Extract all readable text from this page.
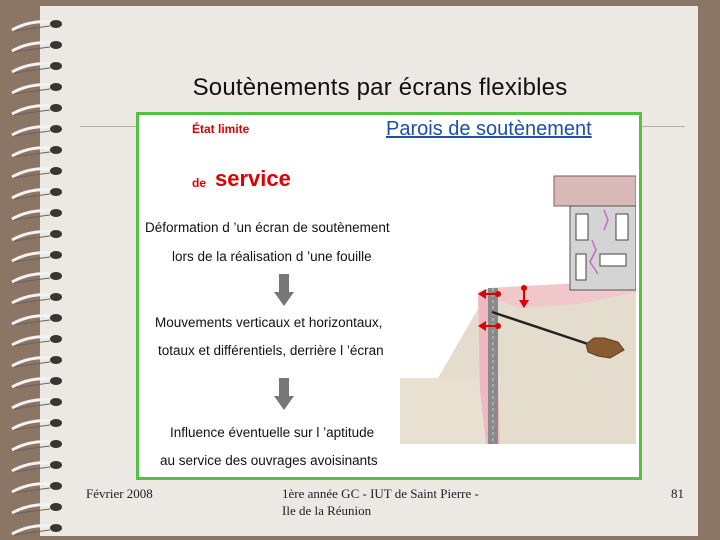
Soutènements par écrans flexibles
État limite
de service
Parois de soutènement
Déformation d ’un écran de soutènement
lors de la réalisation d ’une fouille
Mouvements verticaux et horizontaux,
totaux et différentiels, derrière l ’écran
Influence éventuelle sur l ’aptitude
au service des ouvrages avoisinants
Février 2008	1ère année GC - IUT de Saint Pierre -
Ile de la Réunion
81
